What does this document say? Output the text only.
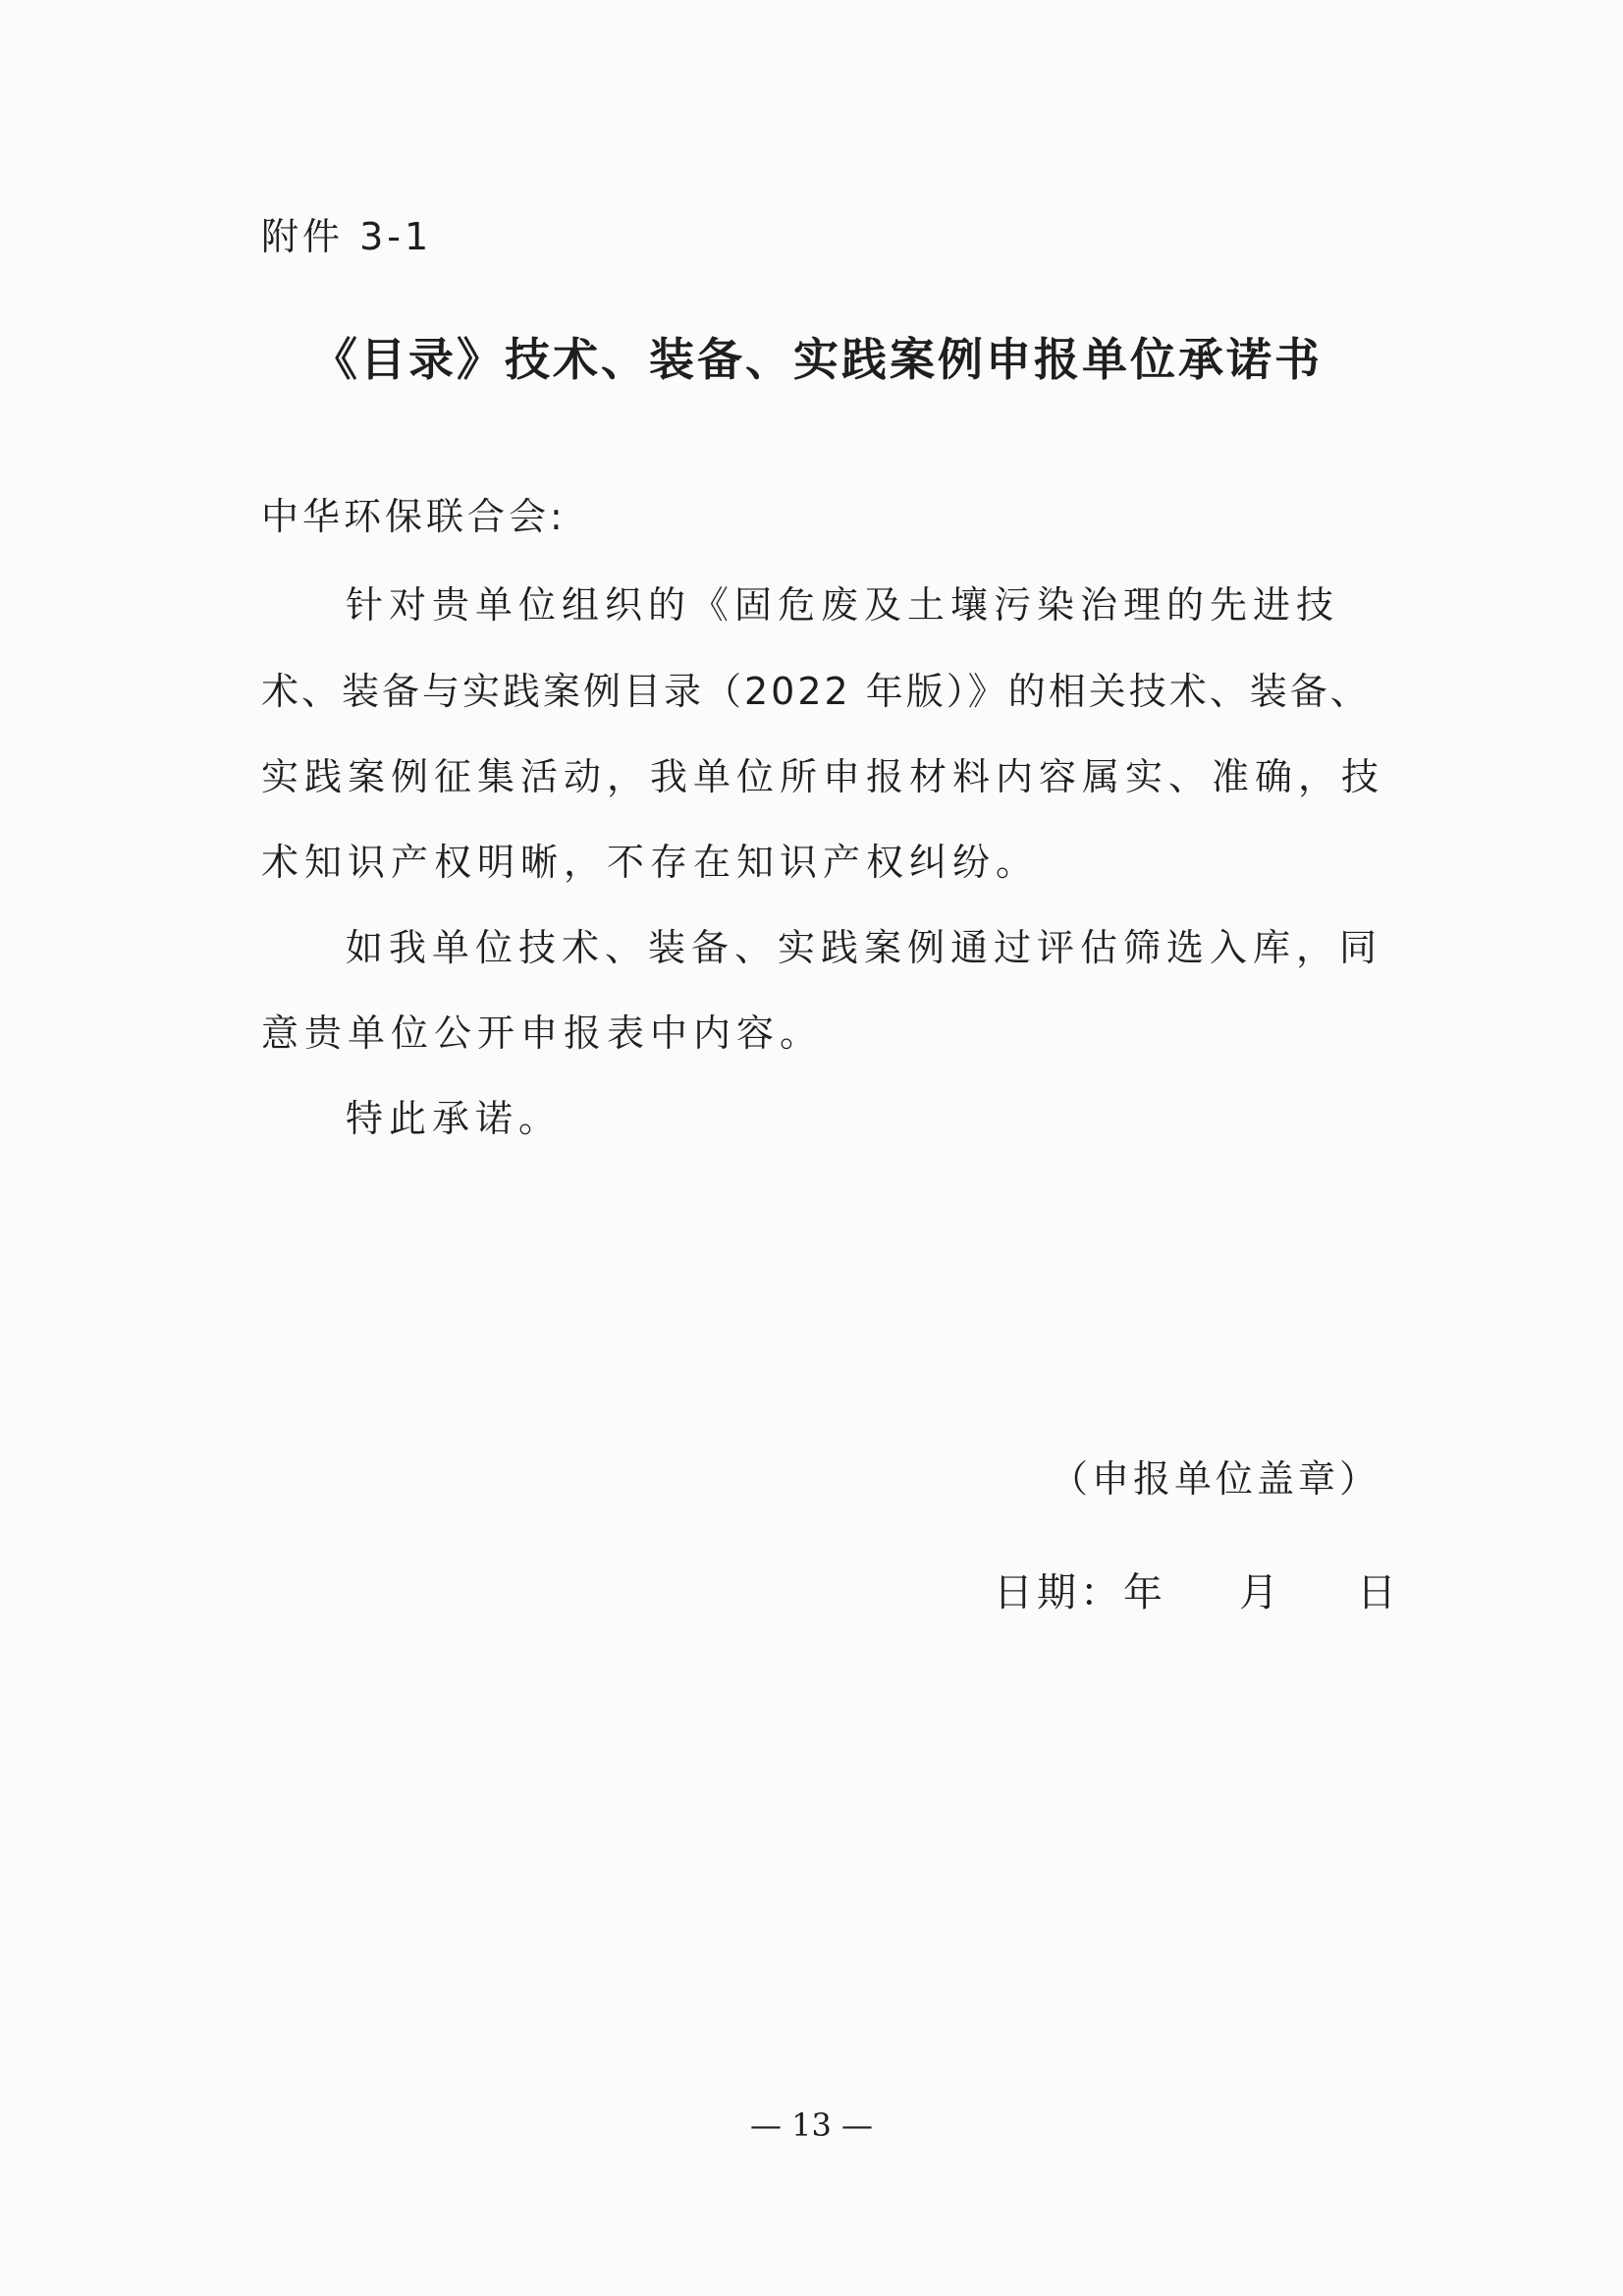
附件 3-1
《目录》技术、装备、实践案例申报单位承诺书
中华环保联合会:
针对贵单位组织的《固危废及土壤污染治理的先进技
术、装备与实践案例目录（2022 年版）》的相关技术、装备、
实践案例征集活动，我单位所申报材料内容属实、准确，技
术知识产权明晰，不存在知识产权纠纷。
如我单位技术、装备、实践案例通过评估筛选入库，同
意贵单位公开申报表中内容。
特此承诺。
（申报单位盖章）
日期：年 月 日
— 13 —
